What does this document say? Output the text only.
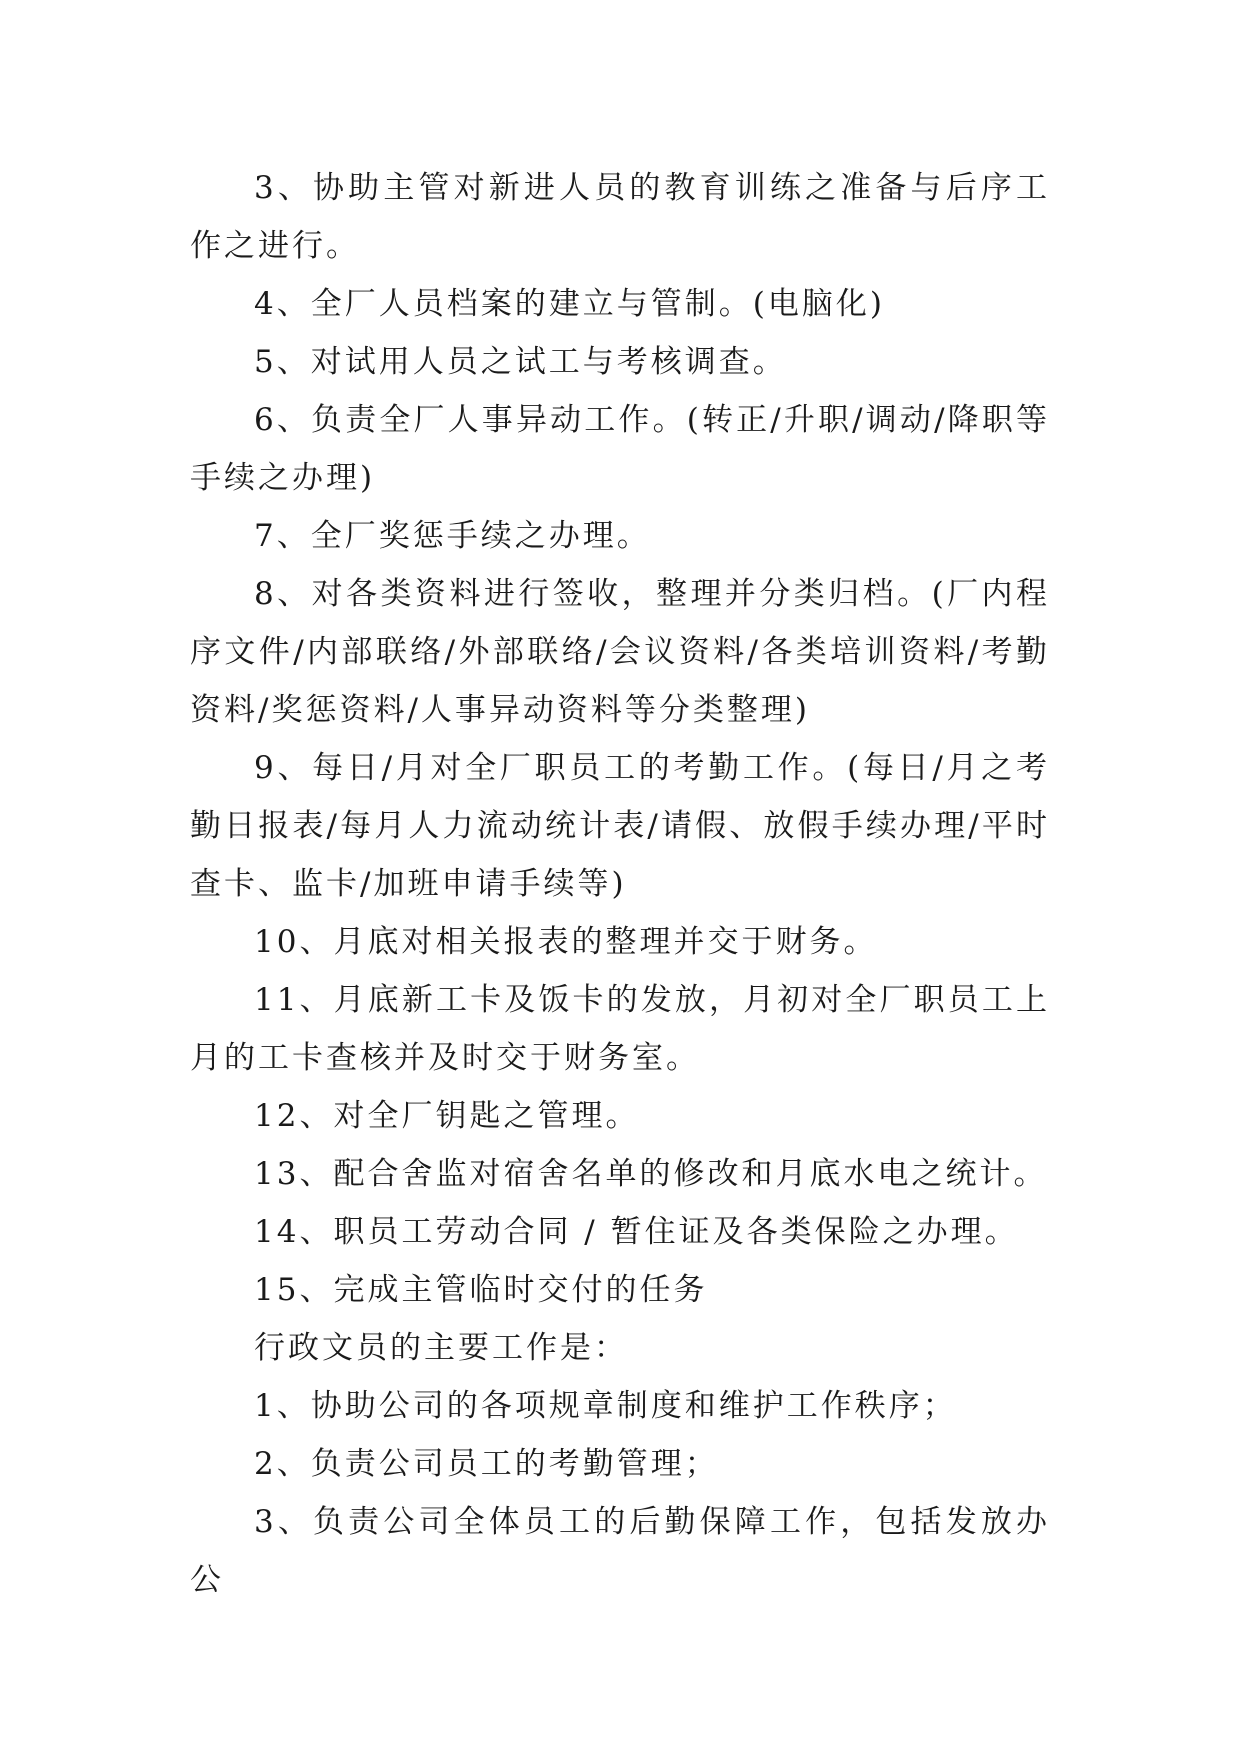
3、协助主管对新进人员的教育训练之准备与后序工作之进行。

4、全厂人员档案的建立与管制。(电脑化)

5、对试用人员之试工与考核调查。

6、负责全厂人事异动工作。(转正/升职/调动/降职等手续之办理)

7、全厂奖惩手续之办理。

8、对各类资料进行签收，整理并分类归档。(厂内程序文件/内部联络/外部联络/会议资料/各类培训资料/考勤资料/奖惩资料/人事异动资料等分类整理)

9、每日/月对全厂职员工的考勤工作。(每日/月之考勤日报表/每月人力流动统计表/请假、放假手续办理/平时查卡、监卡/加班申请手续等)

10、月底对相关报表的整理并交于财务。

11、月底新工卡及饭卡的发放，月初对全厂职员工上月的工卡查核并及时交于财务室。

12、对全厂钥匙之管理。

13、配合舍监对宿舍名单的修改和月底水电之统计。

14、职员工劳动合同 / 暂住证及各类保险之办理。

15、完成主管临时交付的任务

行政文员的主要工作是：

1、协助公司的各项规章制度和维护工作秩序；

2、负责公司员工的考勤管理；

3、负责公司全体员工的后勤保障工作，包括发放办公
